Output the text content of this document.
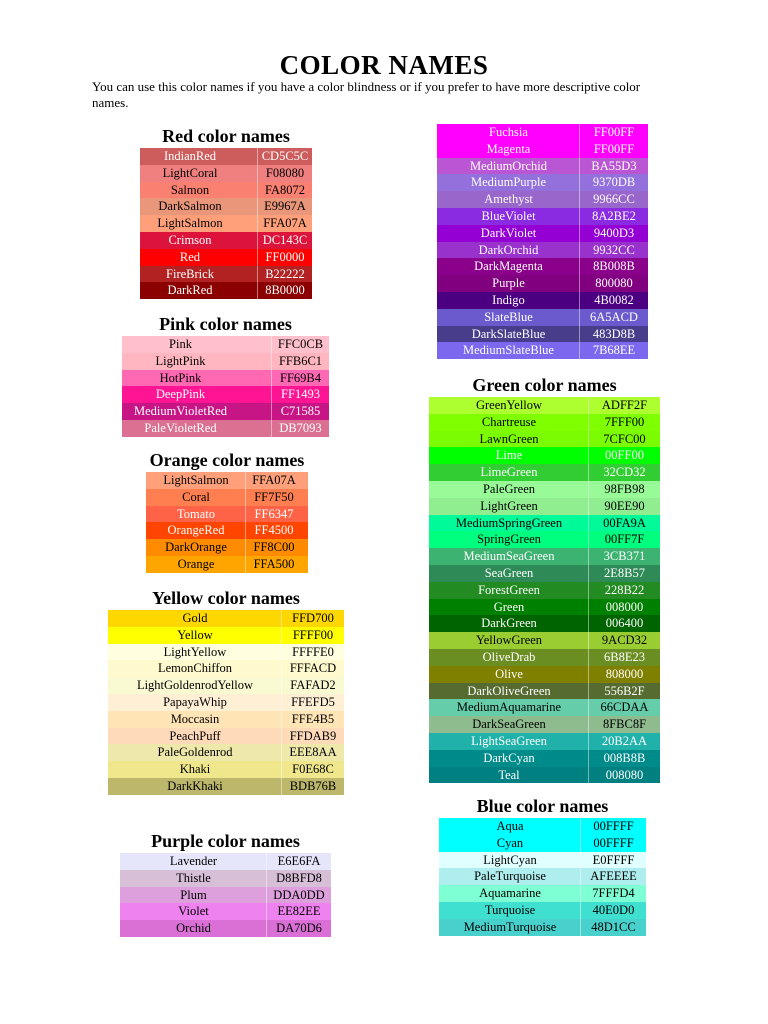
COLOR NAMES

You can use this color names if you have a color blindness or if you prefer to have more descriptive color names.

Red color names
IndianRed	CD5C5C
LightCoral	F08080
Salmon	FA8072
DarkSalmon	E9967A
LightSalmon	FFA07A
Crimson	DC143C
Red	FF0000
FireBrick	B22222
DarkRed	8B0000
Pink color names
Pink	FFC0CB
LightPink	FFB6C1
HotPink	FF69B4
DeepPink	FF1493
MediumVioletRed	C71585
PaleVioletRed	DB7093
Orange color names
LightSalmon	FFA07A
Coral	FF7F50
Tomato	FF6347
OrangeRed	FF4500
DarkOrange	FF8C00
Orange	FFA500
Yellow color names
Gold	FFD700
Yellow	FFFF00
LightYellow	FFFFE0
LemonChiffon	FFFACD
LightGoldenrodYellow	FAFAD2
PapayaWhip	FFEFD5
Moccasin	FFE4B5
PeachPuff	FFDAB9
PaleGoldenrod	EEE8AA
Khaki	F0E68C
DarkKhaki	BDB76B
Purple color names
Lavender	E6E6FA
Thistle	D8BFD8
Plum	DDA0DD
Violet	EE82EE
Orchid	DA70D6
Fuchsia	FF00FF
Magenta	FF00FF
MediumOrchid	BA55D3
MediumPurple	9370DB
Amethyst	9966CC
BlueViolet	8A2BE2
DarkViolet	9400D3
DarkOrchid	9932CC
DarkMagenta	8B008B
Purple	800080
Indigo	4B0082
SlateBlue	6A5ACD
DarkSlateBlue	483D8B
MediumSlateBlue	7B68EE
Green color names
GreenYellow	ADFF2F
Chartreuse	7FFF00
LawnGreen	7CFC00
Lime	00FF00
LimeGreen	32CD32
PaleGreen	98FB98
LightGreen	90EE90
MediumSpringGreen	00FA9A
SpringGreen	00FF7F
MediumSeaGreen	3CB371
SeaGreen	2E8B57
ForestGreen	228B22
Green	008000
DarkGreen	006400
YellowGreen	9ACD32
OliveDrab	6B8E23
Olive	808000
DarkOliveGreen	556B2F
MediumAquamarine	66CDAA
DarkSeaGreen	8FBC8F
LightSeaGreen	20B2AA
DarkCyan	008B8B
Teal	008080
Blue color names
Aqua	00FFFF
Cyan	00FFFF
LightCyan	E0FFFF
PaleTurquoise	AFEEEE
Aquamarine	7FFFD4
Turquoise	40E0D0
MediumTurquoise	48D1CC
